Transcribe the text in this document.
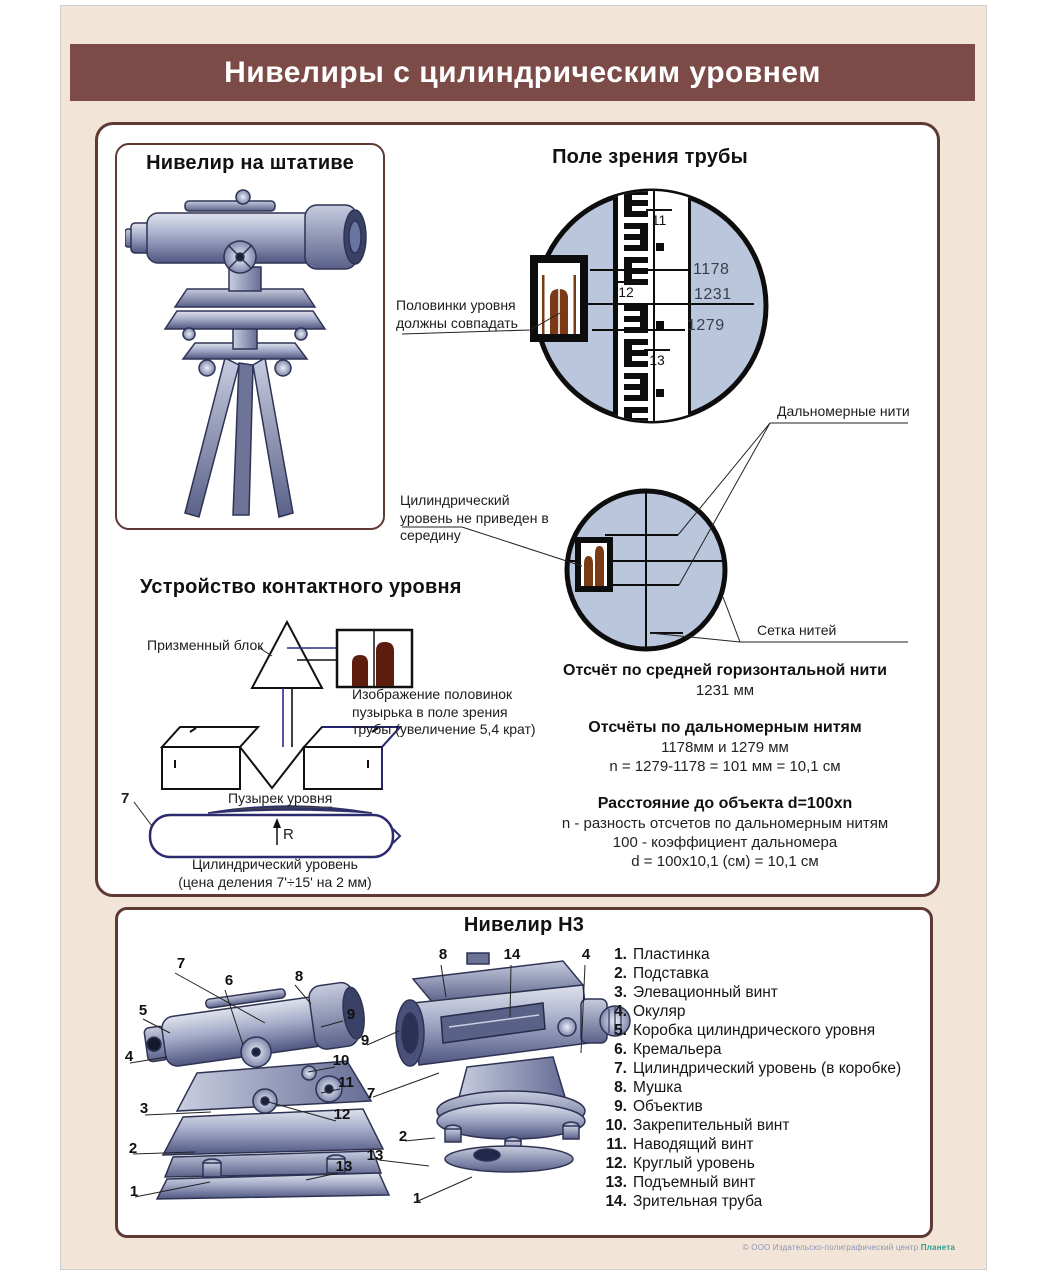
Нивелиры с цилиндрическим уровнем
Нивелир на штативе	Поле зрения трубы
11
12
13
1178
1231
1279
Половинки уровня должны совпадать
Дальномерные нити
Цилиндрический уровень не приведен в середину
Сетка нитей
Отсчёт по средней горизонтальной нити
1231 мм
Отсчёты по дальномерным нитям
1178мм и 1279 мм
n = 1279-1178 = 101 мм = 10,1 см
Расстояние до объекта d=100xn
n - разность отсчетов по дальномерным нитям
100 - коэффициент дальномера
d = 100x10,1 (см) = 10,1 см
Устройство контактного уровня
Призменный блок
Изображение половинок пузырька в поле зрения трубы (увеличение 5,4 крат)
Пузырек уровня
7
R
Цилиндрический уровень
(цена деления 7'÷15' на 2 мм)
Нивелир Н3
7
6	8
5	9
4	10
11
3	12
2
13
1
8	14	4
9
7
2
13
1
1. Пластинка
2. Подставка
3. Элевационный винт
4. Окуляр
5. Коробка цилиндрического уровня
6. Кремальера
7. Цилиндрический уровень (в коробке)
8. Мушка
9. Объектив
10. Закрепительный винт
11. Наводящий винт
12. Круглый уровень
13. Подъемный винт
14. Зрительная труба
© ООО Издательско-полиграфический центр Планета
